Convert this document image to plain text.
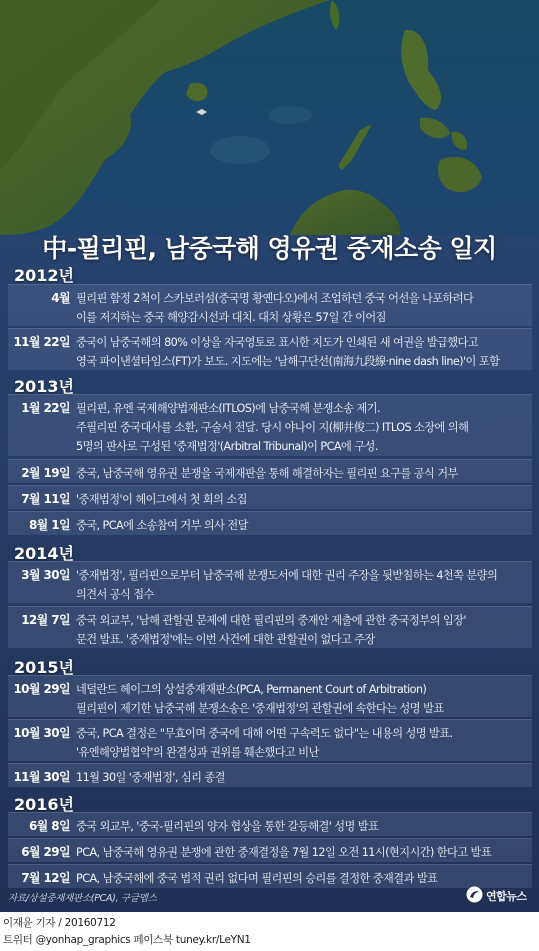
中-필리핀, 남중국해 영유권 중재소송 일지
2012년
4월 필리핀 함정 2척이 스카보러섬(중국명 황옌다오)에서 조업하던 중국 어선을 나포하려다
이를 저지하는 중국 해양감시선과 대치. 대치 상황은 57일 간 이어짐
11월 22일 중국이 남중국해의 80% 이상을 자국영토로 표시한 지도가 인쇄된 새 여권을 발급했다고
영국 파이낸셜타임스(FT)가 보도. 지도에는 '남해구단선(南海九段線·nine dash line)'이 포함
2013년
1월 22일 필리핀, 유엔 국제해양법재판소(ITLOS)에 남중국해 분쟁소송 제기.
주필리핀 중국대사를 소환, 구술서 전달. 당시 야나이 지(柳井俊二) ITLOS 소장에 의해
5명의 판사로 구성된 '중재법정'(Arbitral Tribunal)이 PCA에 구성.
2월 19일 중국, 남중국해 영유권 분쟁을 국제재판을 통해 해결하자는 필리핀 요구를 공식 거부
7월 11일 '중재법정'이 헤이그에서 첫 회의 소집
8월 1일 중국, PCA에 소송참여 거부 의사 전달
2014년
3월 30일 '중재법정', 필리핀으로부터 남중국해 분쟁도서에 대한 권리 주장을 뒷받침하는 4천쪽 분량의
의견서 공식 접수
12월 7일 중국 외교부, '남해 관할권 문제에 대한 필리핀의 중재안 제출에 관한 중국정부의 입장'
문건 발표. '중재법정'에는 이번 사건에 대한 관할권이 없다고 주장
2015년
10월 29일 네덜란드 헤이그의 상설중재재판소(PCA, Permanent Court of Arbitration)
필리핀이 제기한 남중국해 분쟁소송은 '중재법정'의 관할권에 속한다는 성명 발표
10월 30일 중국, PCA 결정은 "무효이며 중국에 대해 어떤 구속력도 없다"는 내용의 성명 발표.
'유엔해양법협약'의 완결성과 권위를 훼손했다고 비난
11월 30일 11월 30일 '중재법정', 심리 종결
2016년
6월 8일 중국 외교부, '중국-필리핀의 양자 협상을 통한 갈등해결' 성명 발표
6월 29일 PCA, 남중국해 영유권 분쟁에 관한 중재결정을 7월 12일 오전 11시(현지시간) 한다고 발표
7월 12일 PCA, 남중국해에 중국 법적 권리 없다며 필리핀의 승리를 결정한 중재결과 발표
자료/상설중재재판소(PCA), 구글맵스	연합뉴스
이재윤 기자 / 20160712
트위터 @yonhap_graphics 페이스북 tuney.kr/LeYN1
